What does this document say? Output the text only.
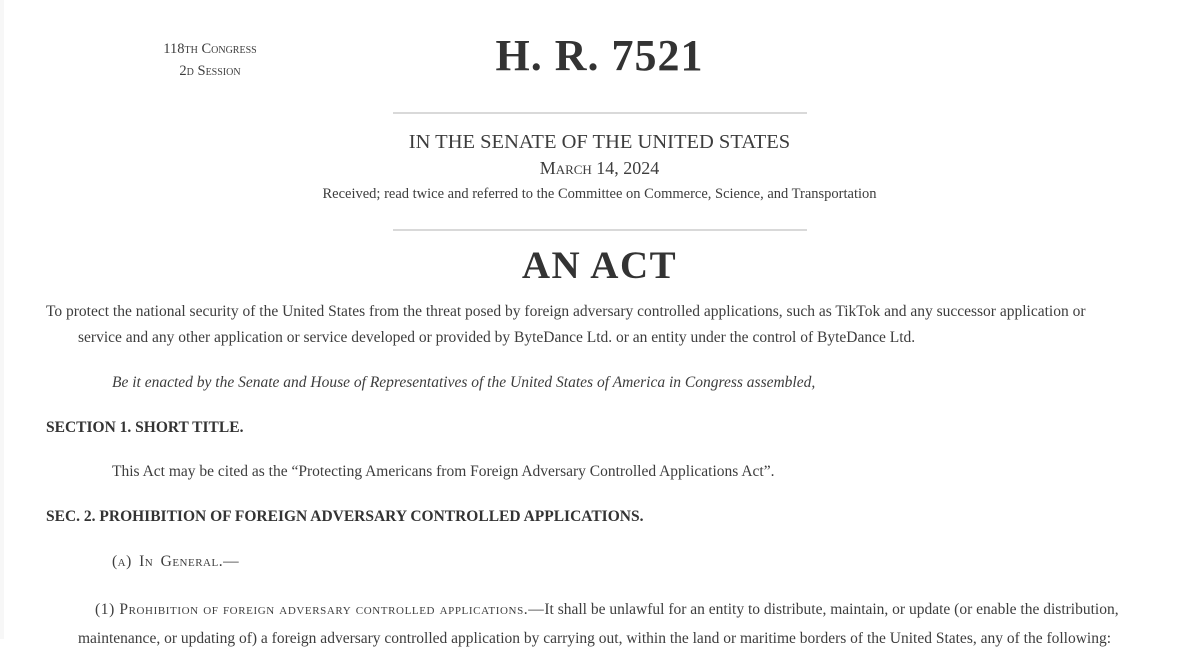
118th Congress
2d Session	H. R. 7521
IN THE SENATE OF THE UNITED STATES
March 14, 2024
Received; read twice and referred to the Committee on Commerce, Science, and Transportation
AN ACT

To protect the national security of the United States from the threat posed by foreign adversary controlled applications, such as TikTok and any successor application or service and any other application or service developed or provided by ByteDance Ltd. or an entity under the control of ByteDance Ltd.

Be it enacted by the Senate and House of Representatives of the United States of America in Congress assembled,

SECTION 1. SHORT TITLE.

This Act may be cited as the “Protecting Americans from Foreign Adversary Controlled Applications Act”.

SEC. 2. PROHIBITION OF FOREIGN ADVERSARY CONTROLLED APPLICATIONS.

(a) In General.—

(1) Prohibition of foreign adversary controlled applications.—It shall be unlawful for an entity to distribute, maintain, or update (or enable the distribution, maintenance, or updating of) a foreign adversary controlled application by carrying out, within the land or maritime borders of the United States, any of the following:
